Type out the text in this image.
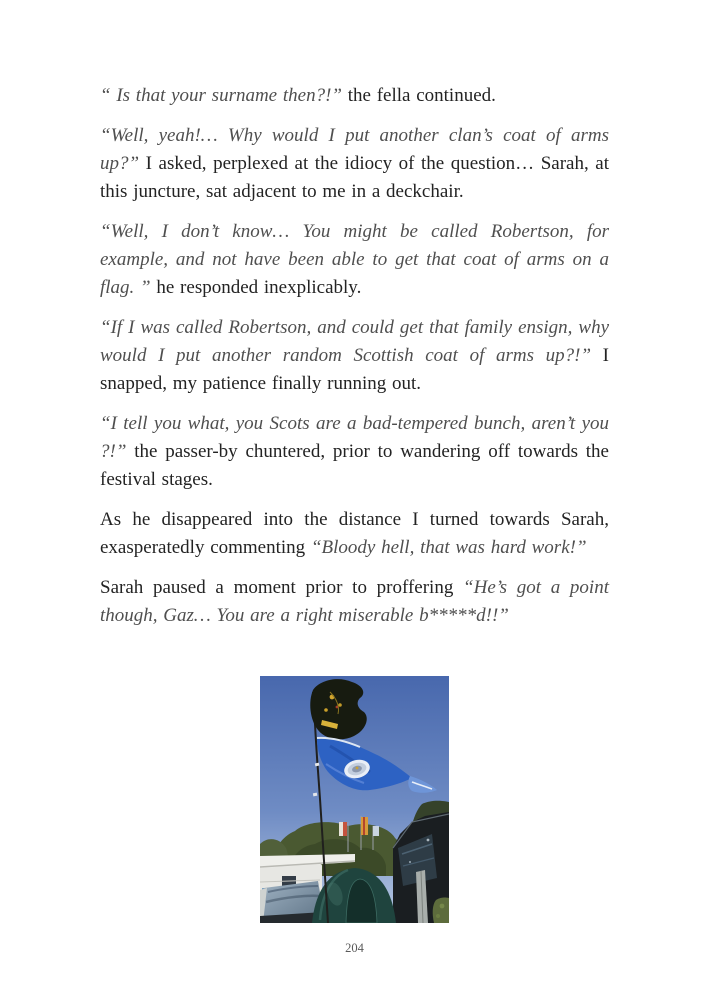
“ Is that your surname then?!” the fella continued.

“Well, yeah!… Why would I put another clan’s coat of arms up?” I asked, perplexed at the idiocy of the question… Sarah, at this juncture, sat adjacent to me in a deckchair.

“Well, I don’t know… You might be called Robertson, for example, and not have been able to get that coat of arms on a flag. ” he responded inexplicably.

“If I was called Robertson, and could get that family ensign, why would I put another random Scottish coat of arms up?!” I snapped, my patience finally running out.

“I tell you what, you Scots are a bad-tempered bunch, aren’t you ?!” the passer-by chuntered, prior to wandering off towards the festival stages.

As he disappeared into the distance I turned towards Sarah, exasperatedly commenting “Bloody hell, that was hard work!”

Sarah paused a moment prior to proffering “He’s got a point though, Gaz… You are a right miserable b*****d!!”

204
